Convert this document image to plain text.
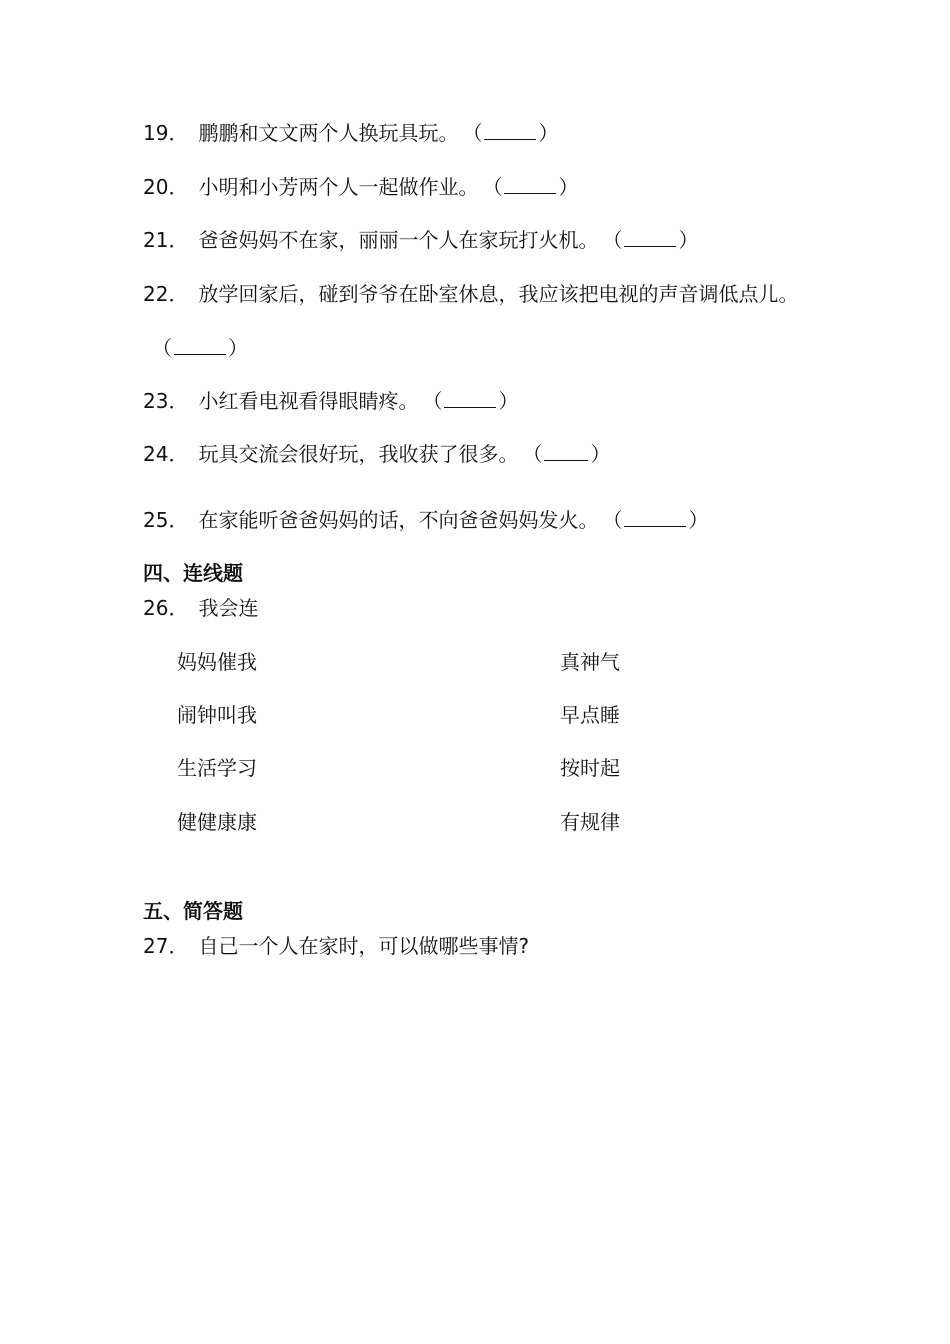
19． 鹏鹏和文文两个人换玩具玩。 （	）
20． 小明和小芳两个人一起做作业。 （	）
21． 爸爸妈妈不在家，丽丽一个人在家玩打火机。 （	）
22． 放学回家后，碰到爷爷在卧室休息，我应该把电视的声音调低点儿。
（	）
23． 小红看电视看得眼睛疼。 （	）
24． 玩具交流会很好玩，我收获了很多。 （ ）
25． 在家能听爸爸妈妈的话，不向爸爸妈妈发火。 （	）
四、连线题
26． 我会连
妈妈催我
闹钟叫我
生活学习
健健康康
真神气
早点睡
按时起
有规律
五、简答题
27． 自己一个人在家时，可以做哪些事情?
